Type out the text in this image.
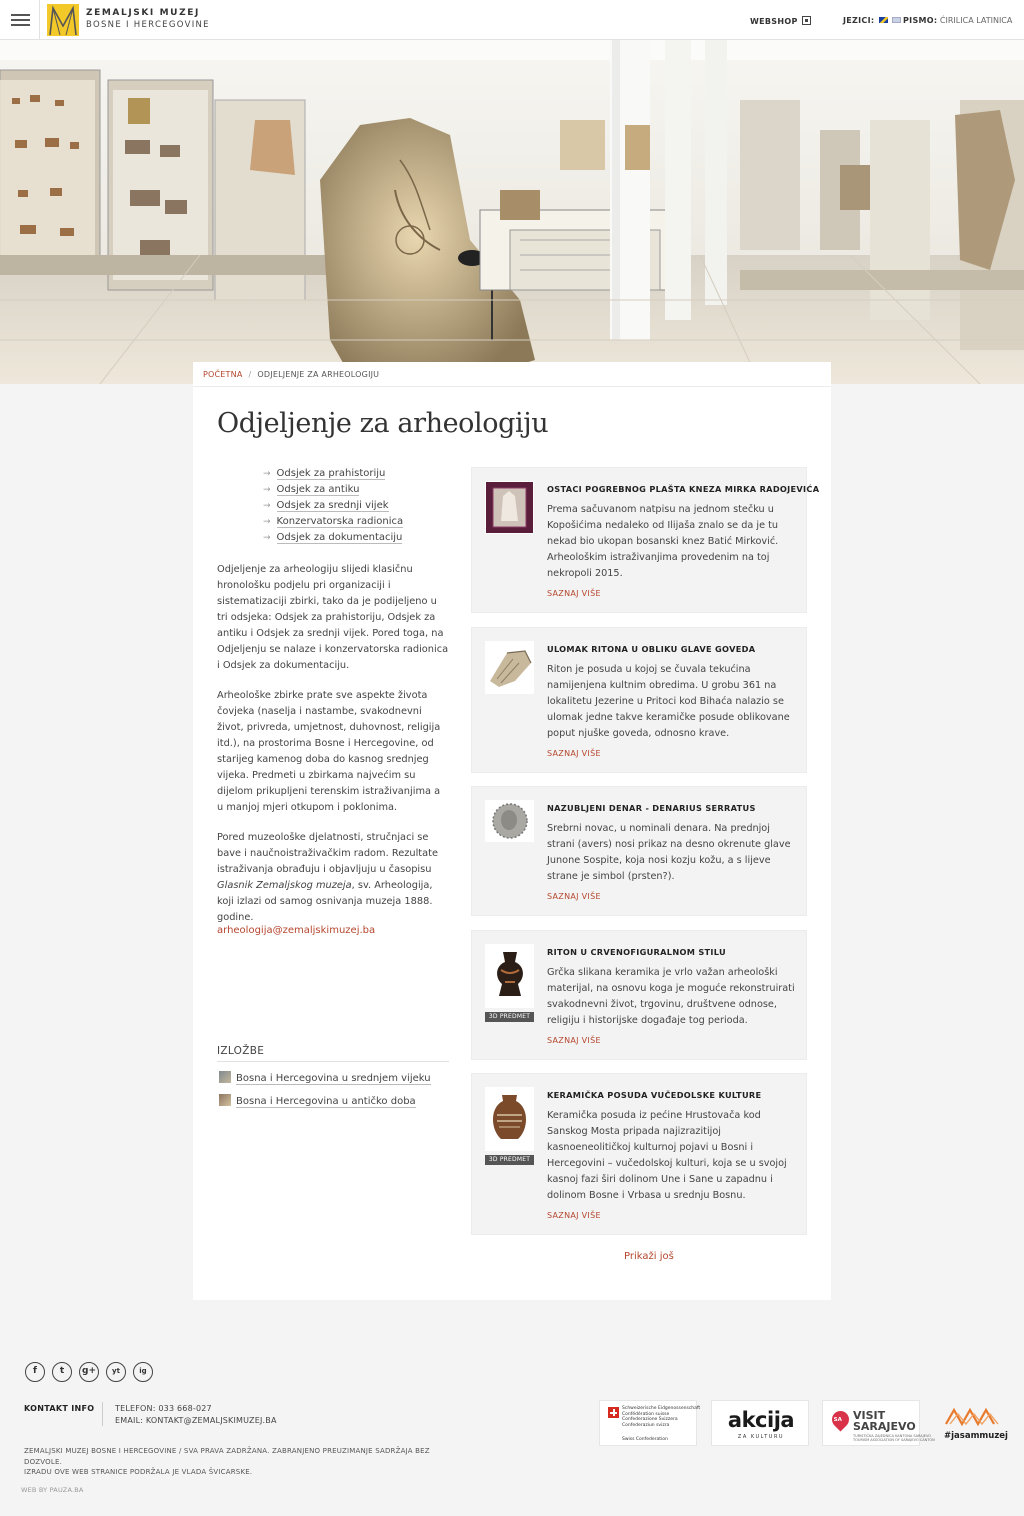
ZEMALJSKI MUZEJ
BOSNE I HERCEGOVINE	WEBSHOP	JEZICI:	PISMO: ĆIRILICA LATINICA
POČETNA / ODJELJENJE ZA ARHEOLOGIJU
Odjeljenje za arheologiju
→ Odsjek za prahistoriju
→ Odsjek za antiku
→ Odsjek za srednji vijek
→ Konzervatorska radionica
→ Odsjek za dokumentaciju

Odjeljenje za arheologiju slijedi klasičnu hronološku podjelu pri organizaciji i sistematizaciji zbirki, tako da je podijeljeno u tri odsjeka: Odsjek za prahistoriju, Odsjek za antiku i Odsjek za srednji vijek. Pored toga, na Odjeljenju se nalaze i konzervatorska radionica i Odsjek za dokumentaciju.

Arheološke zbirke prate sve aspekte života čovjeka (naselja i nastambe, svakodnevni život, privreda, umjetnost, duhovnost, religija itd.), na prostorima Bosne i Hercegovine, od starijeg kamenog doba do kasnog srednjeg vijeka. Predmeti u zbirkama najvećim su dijelom prikupljeni terenskim istraživanjima a u manjoj mjeri otkupom i poklonima.

Pored muzeološke djelatnosti, stručnjaci se bave i naučnoistraživačkim radom. Rezultate istraživanja obrađuju i objavljuju u časopisu Glasnik Zemaljskog muzeja, sv. Arheologija, koji izlazi od samog osnivanja muzeja 1888. godine.

arheologija@zemaljskimuzej.ba
IZLOŽBE
Bosna i Hercegovina u srednjem vijeku
Bosna i Hercegovina u antičko doba
OSTACI POGREBNOG PLAŠTA KNEZA MIRKA RADOJEVIĆA
Prema sačuvanom natpisu na jednom stečku u Kopošićima nedaleko od Ilijaša znalo se da je tu nekad bio ukopan bosanski knez Batić Mirković. Arheološkim istraživanjima provedenim na toj nekropoli 2015.
SAZNAJ VIŠE
ULOMAK RITONA U OBLIKU GLAVE GOVEDA
Riton je posuda u kojoj se čuvala tekućina namijenjena kultnim obredima. U grobu 361 na lokalitetu Jezerine u Pritoci kod Bihaća nalazio se ulomak jedne takve keramičke posude oblikovane poput njuške goveda, odnosno krave.
SAZNAJ VIŠE
NAZUBLJENI DENAR - DENARIUS SERRATUS
Srebrni novac, u nominali denara. Na prednjoj strani (avers) nosi prikaz na desno okrenute glave Junone Sospite, koja nosi kozju kožu, a s lijeve strane je simbol (prsten?).
SAZNAJ VIŠE
3D PREDMET
RITON U CRVENOFIGURALNOM STILU
Grčka slikana keramika je vrlo važan arheološki materijal, na osnovu koga je moguće rekonstruirati svakodnevni život, trgovinu, društvene odnose, religiju i historijske događaje tog perioda.
SAZNAJ VIŠE
3D PREDMET
KERAMIČKA POSUDA VUČEDOLSKE KULTURE
Keramička posuda iz pećine Hrustovača kod Sanskog Mosta pripada najizrazitijoj kasnoeneolitičkoj kulturnoj pojavi u Bosni i Hercegovini – vučedolskoj kulturi, koja se u svojoj kasnoj fazi širi dolinom Une i Sane u zapadnu i dolinom Bosne i Vrbasa u srednju Bosnu.
SAZNAJ VIŠE
Prikaži još
f	t	g+	yt	ig
KONTAKT INFO	TELEFON: 033 668-027
EMAIL: KONTAKT@ZEMALJSKIMUZEJ.BA
ZEMALJSKI MUZEJ BOSNE I HERCEGOVINE / SVA PRAVA ZADRŽANA. ZABRANJENO PREUZIMANJE SADRŽAJA BEZ
DOZVOLE.
IZRADU OVE WEB STRANICE PODRŽALA JE VLADA ŠVICARSKE.
WEB BY PAUZA.BA
Schweizerische Eidgenossenschaft
Confédération suisse
Confederazione Svizzera
Confederaziun svizra
Swiss Confederation
akcija
ZA KULTURU
SA VISIT
SARAJEVO
TURISTIČKA ZAJEDNICA KANTONA SARAJEVO
TOURISM ASSOCIATION OF SARAJEVO CANTON #jasammuzej
